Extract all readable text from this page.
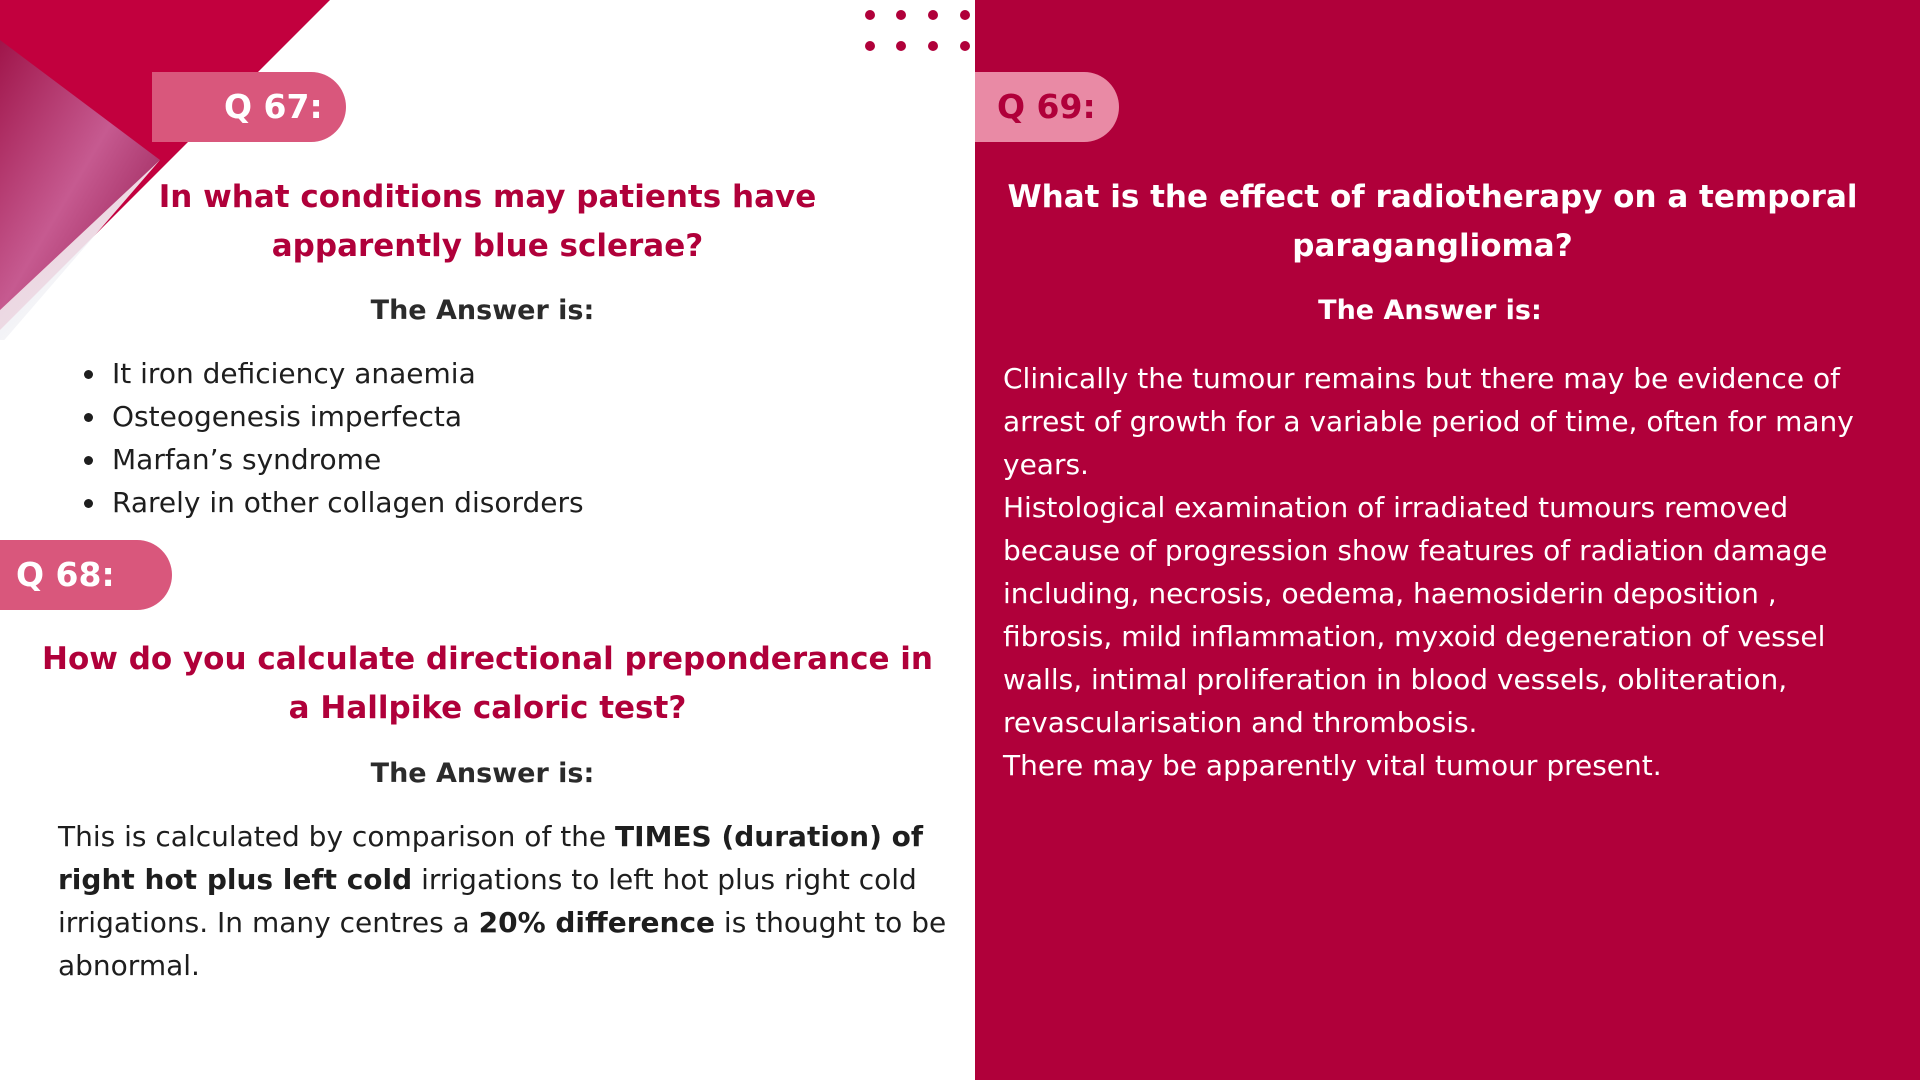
Q 67:
In what conditions may patients have apparently blue sclerae?
The Answer is:
• It iron deficiency anaemia
• Osteogenesis imperfecta
• Marfan’s syndrome
• Rarely in other collagen disorders
Q 68:
How do you calculate directional preponderance in a Hallpike caloric test?
The Answer is:

This is calculated by comparison of the TIMES (duration) of right hot plus left cold irrigations to left hot plus right cold irrigations. In many centres a 20% difference is thought to be abnormal.

Q 69:
What is the effect of radiotherapy on a temporal paraganglioma?
The Answer is:

Clinically the tumour remains but there may be evidence of arrest of growth for a variable period of time, often for many years.

Histological examination of irradiated tumours removed because of progression show features of radiation damage including, necrosis, oedema, haemosiderin deposition , fibrosis, mild inflammation, myxoid degeneration of vessel walls, intimal proliferation in blood vessels, obliteration, revascularisation and thrombosis.

There may be apparently vital tumour present.
